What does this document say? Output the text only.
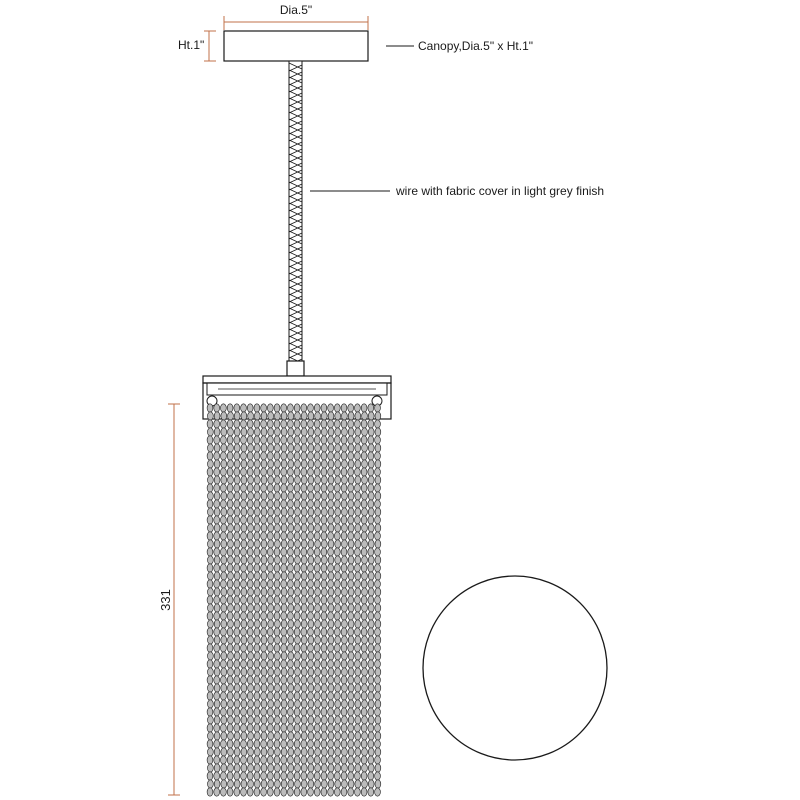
Dia.5"
Ht.1"	Canopy,Dia.5" x Ht.1"
wire with fabric cover in light grey finish
331
